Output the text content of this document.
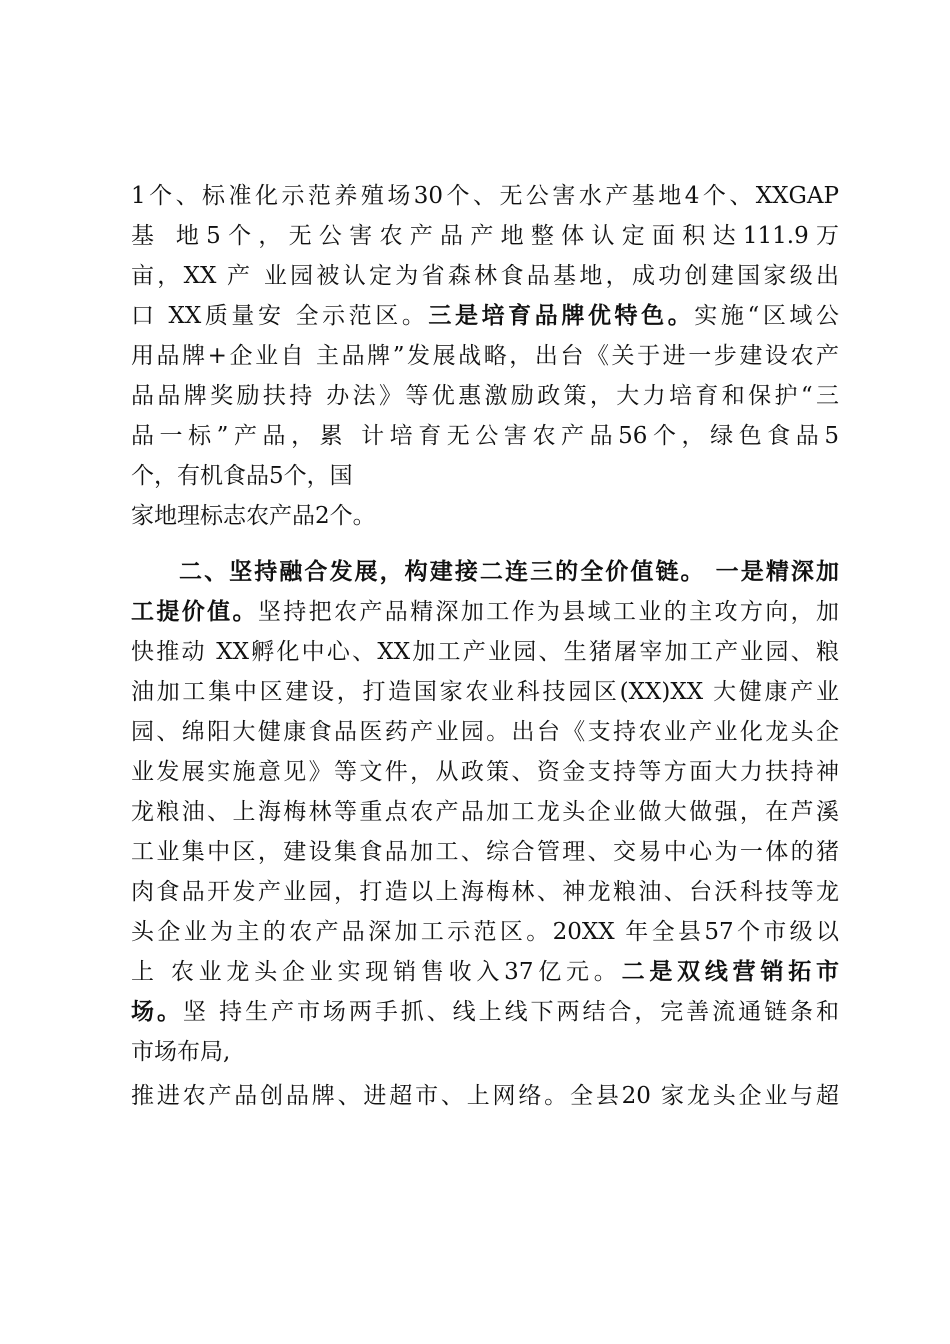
1个、标准化示范养殖场30个、无公害水产基地4个、XXGAP
基 地5个，无公害农产品产地整体认定面积达111.9万
亩，XX 产 业园被认定为省森林食品基地，成功创建国家级出
口 XX质量安 全示范区。三是培育品牌优特色。实施“区域公
用品牌+企业自 主品牌”发展战略，出台《关于进一步建设农产
品品牌奖励扶持 办法》等优惠激励政策，大力培育和保护“三
品一标”产品，累 计培育无公害农产品56个，绿色食品5
个，有机食品5个，国
家地理标志农产品2个。
二、坚持融合发展，构建接二连三的全价值链。 一是精深加
工提价值。坚持把农产品精深加工作为县域工业的主攻方向，加
快推动 XX孵化中心、XX加工产业园、生猪屠宰加工产业园、粮
油加工集中区建设，打造国家农业科技园区(XX)XX 大健康产业
园、绵阳大健康食品医药产业园。出台《支持农业产业化龙头企
业发展实施意见》等文件，从政策、资金支持等方面大力扶持神
龙粮油、上海梅林等重点农产品加工龙头企业做大做强，在芦溪
工业集中区，建设集食品加工、综合管理、交易中心为一体的猪
肉食品开发产业园，打造以上海梅林、神龙粮油、台沃科技等龙
头企业为主的农产品深加工示范区。20XX 年全县57个市级以
上 农业龙头企业实现销售收入37亿元。二是双线营销拓市
场。坚 持生产市场两手抓、线上线下两结合，完善流通链条和
市场布局,
推进农产品创品牌、进超市、上网络。全县20 家龙头企业与超
